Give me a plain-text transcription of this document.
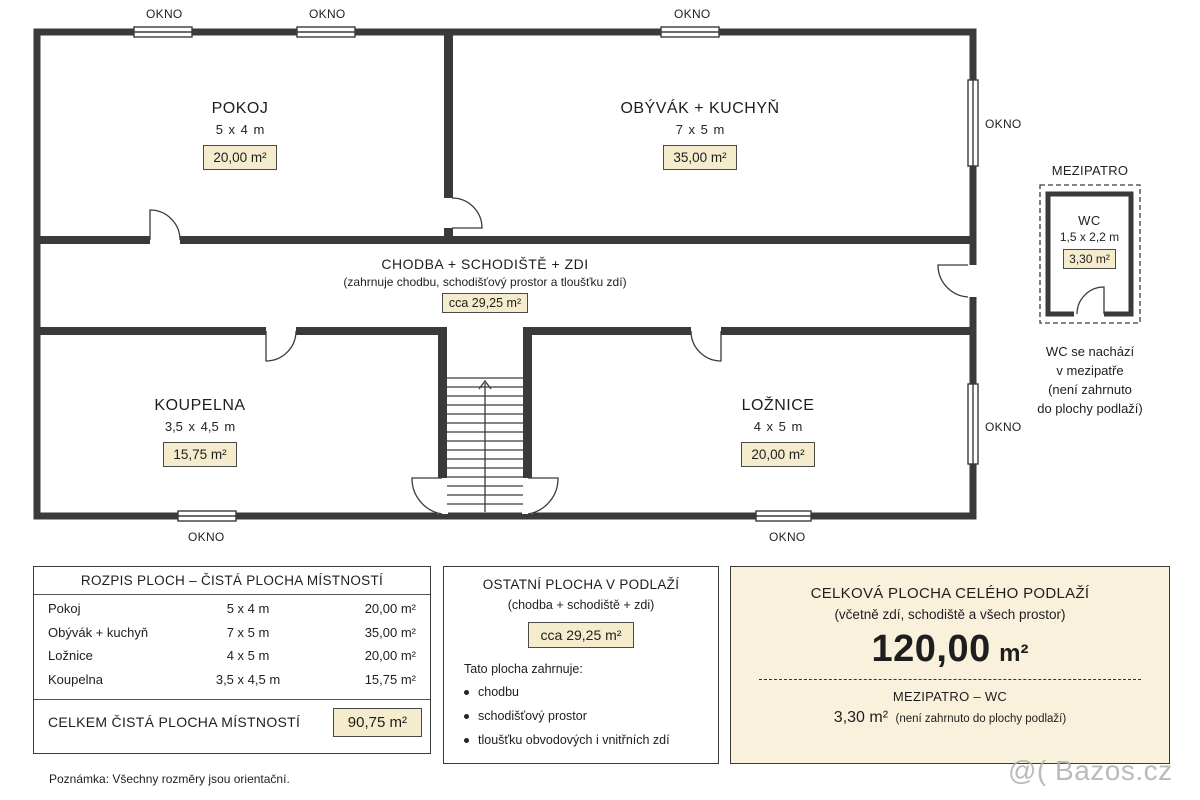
OKNO	OKNO	OKNO
OKNO
OKNO
OKNO	OKNO
POKOJ
5 x 4 m
20,00 m²
OBÝVÁK + KUCHYŇ
7 x 5 m
35,00 m²
CHODBA + SCHODIŠTĚ + ZDI
(zahrnuje chodbu, schodišťový prostor a tloušťku zdí)
cca 29,25 m²
KOUPELNA
3,5 x 4,5 m
15,75 m²
LOŽNICE
4 x 5 m
20,00 m²
MEZIPATRO
WC
1,5 x 2,2 m
3,30 m²
WC se nachází
v mezipatře
(není zahrnuto
do plochy podlaží)
ROZPIS PLOCH – ČISTÁ PLOCHA MÍSTNOSTÍ
Pokoj	5 x 4 m	20,00 m²
Obývák + kuchyň	7 x 5 m	35,00 m²
Ložnice	4 x 5 m	20,00 m²
Koupelna	3,5 x 4,5 m	15,75 m²
CELKEM ČISTÁ PLOCHA MÍSTNOSTÍ	90,75 m²
OSTATNÍ PLOCHA V PODLAŽÍ
(chodba + schodiště + zdi)
cca 29,25 m²
Tato plocha zahrnuje:
chodbu
schodišťový prostor
tloušťku obvodových i vnitřních zdí
CELKOVÁ PLOCHA CELÉHO PODLAŽÍ
(včetně zdí, schodiště a všech prostor)
120,00 m²
MEZIPATRO – WC
3,30 m² (není zahrnuto do plochy podlaží)
Poznámka: Všechny rozměry jsou orientační.	@( Bazos.cz
